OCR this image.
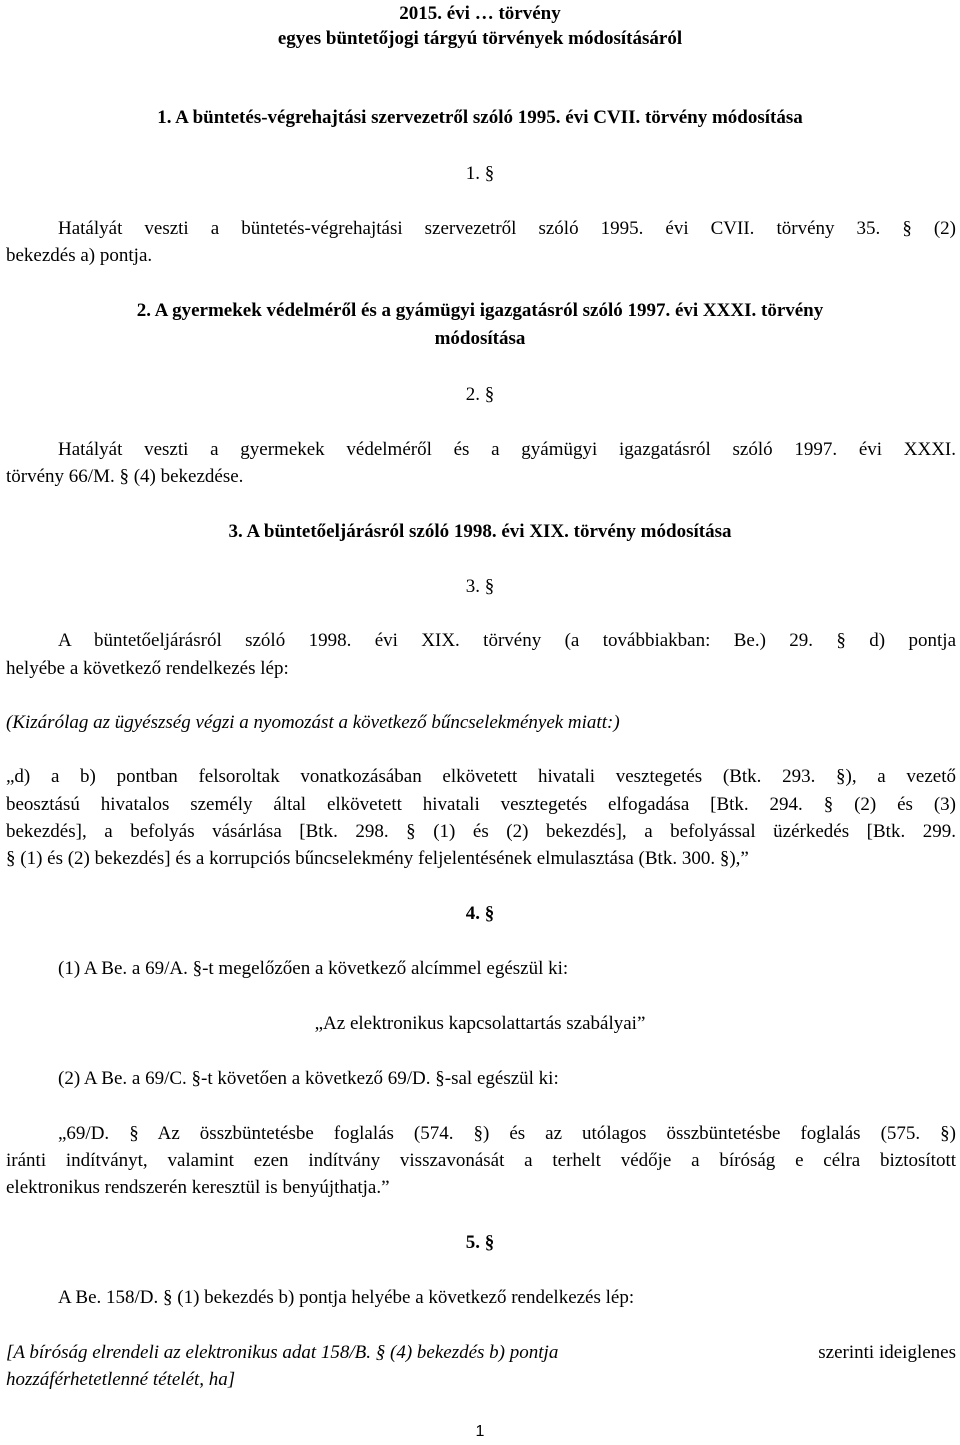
2015. évi … törvény
egyes büntetőjogi tárgyú törvények módosításáról
1. A büntetés-végrehajtási szervezetről szóló 1995. évi CVII. törvény módosítása
1. §
Hatályát veszti a büntetés-végrehajtási szervezetről szóló 1995. évi CVII. törvény 35. § (2)
bekezdés a) pontja.
2. A gyermekek védelméről és a gyámügyi igazgatásról szóló 1997. évi XXXI. törvény
módosítása
2. §
Hatályát veszti a gyermekek védelméről és a gyámügyi igazgatásról szóló 1997. évi XXXI.
törvény 66/M. § (4) bekezdése.
3. A büntetőeljárásról szóló 1998. évi XIX. törvény módosítása
3. §
A büntetőeljárásról szóló 1998. évi XIX. törvény (a továbbiakban: Be.) 29. § d) pontja
helyébe a következő rendelkezés lép:
(Kizárólag az ügyészség végzi a nyomozást a következő bűncselekmények miatt:)
„d) a b) pontban felsoroltak vonatkozásában elkövetett hivatali vesztegetés (Btk. 293. §), a vezető
beosztású hivatalos személy által elkövetett hivatali vesztegetés elfogadása [Btk. 294. § (2) és (3)
bekezdés], a befolyás vásárlása [Btk. 298. § (1) és (2) bekezdés], a befolyással üzérkedés [Btk. 299.
§ (1) és (2) bekezdés] és a korrupciós bűncselekmény feljelentésének elmulasztása (Btk. 300. §),”
4. §
(1) A Be. a 69/A. §-t megelőzően a következő alcímmel egészül ki:
„Az elektronikus kapcsolattartás szabályai”
(2) A Be. a 69/C. §-t követően a következő 69/D. §-sal egészül ki:
„69/D. § Az összbüntetésbe foglalás (574. §) és az utólagos összbüntetésbe foglalás (575. §)
iránti indítványt, valamint ezen indítvány visszavonását a terhelt védője a bíróság e célra biztosított
elektronikus rendszerén keresztül is benyújthatja.”
5. §
A Be. 158/D. § (1) bekezdés b) pontja helyébe a következő rendelkezés lép:
[A bíróság elrendeli az elektronikus adat 158/B. § (4) bekezdés b) pontja	szerinti ideiglenes
hozzáférhetetlenné tételét, ha]
1
